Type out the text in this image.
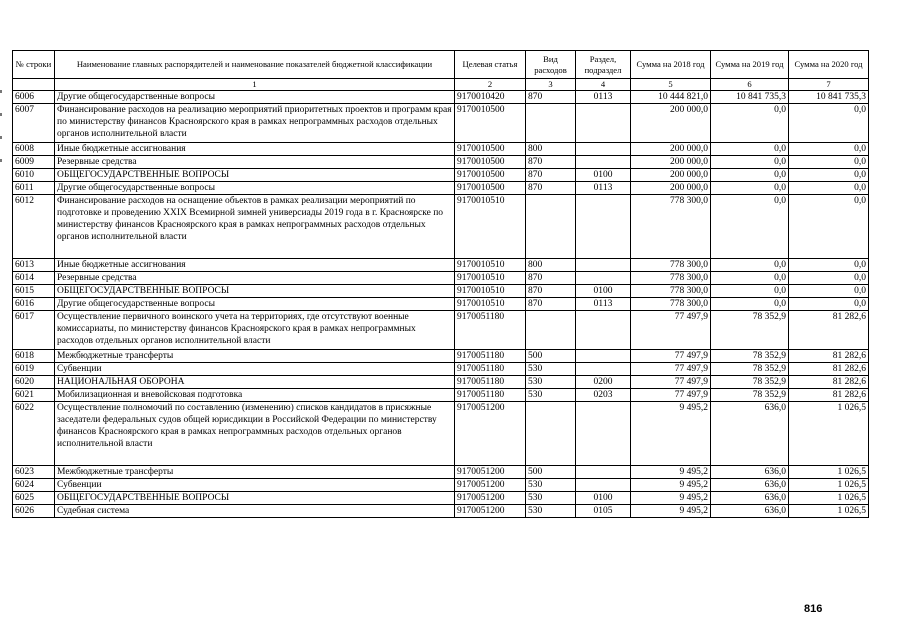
№ строки	Наименование главных распорядителей и наименование показателей бюджетной классификации	Целевая статья	Вид расходов	Раздел, подраздел	Сумма на 2018 год	Сумма на 2019 год	Сумма на 2020 год
	1	2	3	4	5	6	7
6006	Другие общегосударственные вопросы	9170010420	870	0113	10 444 821,0	10 841 735,3	10 841 735,3
6007	Финансирование расходов на реализацию мероприятий приоритетных проектов и программ края по министерству финансов Красноярского края в рамках непрограммных расходов отдельных органов исполнительной власти	9170010500			200 000,0	0,0	0,0
6008	Иные бюджетные ассигнования	9170010500	800		200 000,0	0,0	0,0
6009	Резервные средства	9170010500	870		200 000,0	0,0	0,0
6010	ОБЩЕГОСУДАРСТВЕННЫЕ ВОПРОСЫ	9170010500	870	0100	200 000,0	0,0	0,0
6011	Другие общегосударственные вопросы	9170010500	870	0113	200 000,0	0,0	0,0
6012	Финансирование расходов на оснащение объектов в рамках реализации мероприятий по подготовке и проведению XXIX Всемирной зимней универсиады 2019 года в г. Красноярске по министерству финансов Красноярского края в рамках непрограммных расходов отдельных органов исполнительной власти	9170010510			778 300,0	0,0	0,0
6013	Иные бюджетные ассигнования	9170010510	800		778 300,0	0,0	0,0
6014	Резервные средства	9170010510	870		778 300,0	0,0	0,0
6015	ОБЩЕГОСУДАРСТВЕННЫЕ ВОПРОСЫ	9170010510	870	0100	778 300,0	0,0	0,0
6016	Другие общегосударственные вопросы	9170010510	870	0113	778 300,0	0,0	0,0
6017	Осуществление первичного воинского учета на территориях, где отсутствуют военные комиссариаты, по министерству финансов Красноярского края в рамках непрограммных расходов отдельных органов исполнительной власти	9170051180			77 497,9	78 352,9	81 282,6
6018	Межбюджетные трансферты	9170051180	500		77 497,9	78 352,9	81 282,6
6019	Субвенции	9170051180	530		77 497,9	78 352,9	81 282,6
6020	НАЦИОНАЛЬНАЯ ОБОРОНА	9170051180	530	0200	77 497,9	78 352,9	81 282,6
6021	Мобилизационная и вневойсковая подготовка	9170051180	530	0203	77 497,9	78 352,9	81 282,6
6022	Осуществление полномочий по составлению (изменению) списков кандидатов в присяжные заседатели федеральных судов общей юрисдикции в Российской Федерации по министерству финансов Красноярского края в рамках непрограммных расходов отдельных органов исполнительной власти	9170051200			9 495,2	636,0	1 026,5
6023	Межбюджетные трансферты	9170051200	500		9 495,2	636,0	1 026,5
6024	Субвенции	9170051200	530		9 495,2	636,0	1 026,5
6025	ОБЩЕГОСУДАРСТВЕННЫЕ ВОПРОСЫ	9170051200	530	0100	9 495,2	636,0	1 026,5
6026	Судебная система	9170051200	530	0105	9 495,2	636,0	1 026,5
816
